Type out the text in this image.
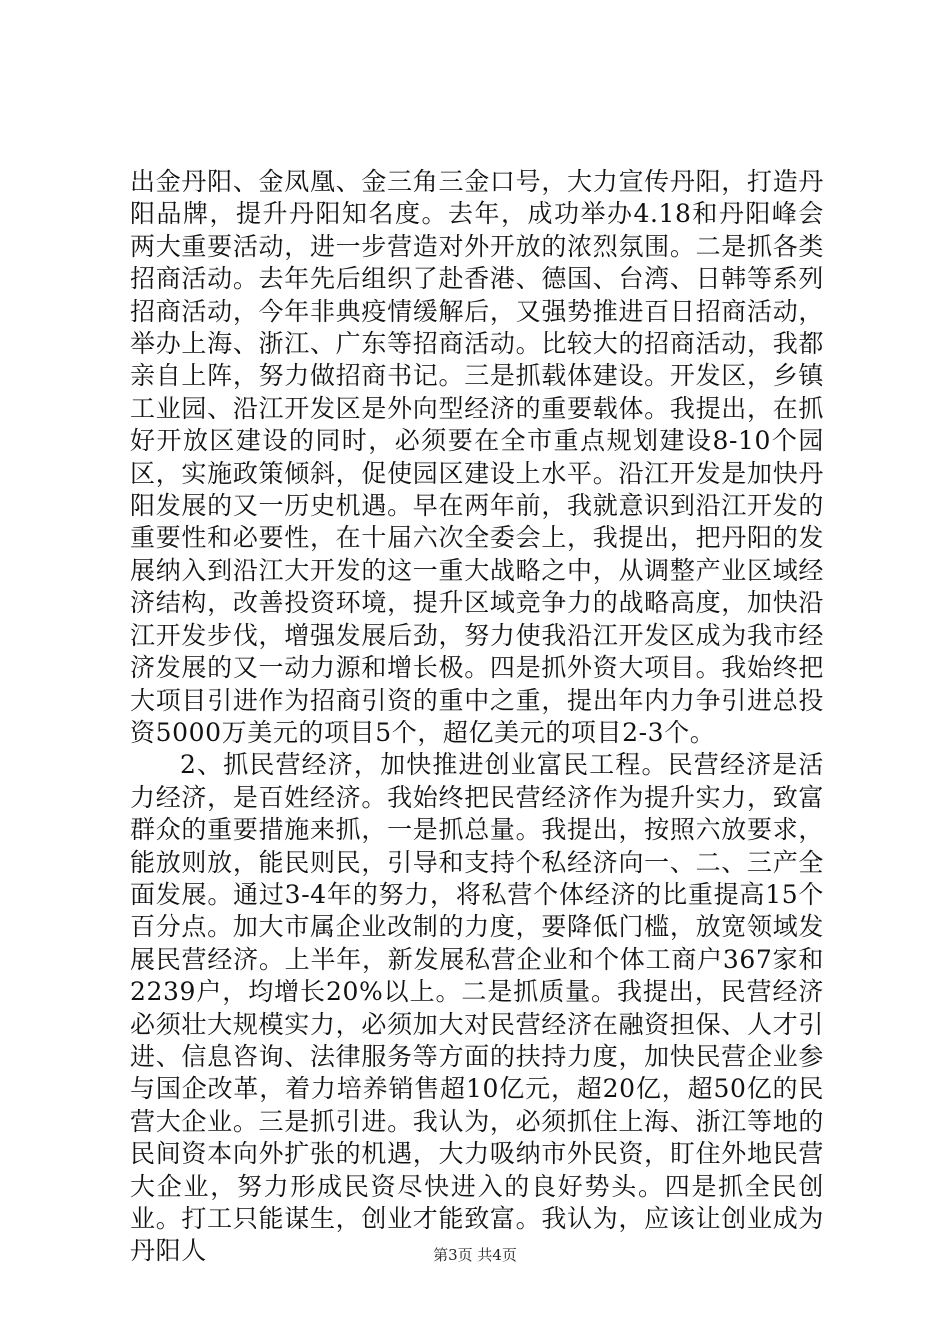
出金丹阳、金凤凰、金三角三金口号，大力宣传丹阳，打造丹阳品牌，提升丹阳知名度。去年，成功举办4.18和丹阳峰会两大重要活动，进一步营造对外开放的浓烈氛围。二是抓各类招商活动。去年先后组织了赴香港、德国、台湾、日韩等系列招商活动，今年非典疫情缓解后，又强势推进百日招商活动，举办上海、浙江、广东等招商活动。比较大的招商活动，我都亲自上阵，努力做招商书记。三是抓载体建设。开发区，乡镇工业园、沿江开发区是外向型经济的重要载体。我提出，在抓好开放区建设的同时，必须要在全市重点规划建设8-10个园区，实施政策倾斜，促使园区建设上水平。沿江开发是加快丹阳发展的又一历史机遇。早在两年前，我就意识到沿江开发的重要性和必要性，在十届六次全委会上，我提出，把丹阳的发展纳入到沿江大开发的这一重大战略之中，从调整产业区域经济结构，改善投资环境，提升区域竞争力的战略高度，加快沿江开发步伐，增强发展后劲，努力使我沿江开发区成为我市经济发展的又一动力源和增长极。四是抓外资大项目。我始终把大项目引进作为招商引资的重中之重，提出年内力争引进总投资5000万美元的项目5个，超亿美元的项目2-3个。

2、抓民营经济，加快推进创业富民工程。民营经济是活力经济，是百姓经济。我始终把民营经济作为提升实力，致富群众的重要措施来抓，一是抓总量。我提出，按照六放要求，能放则放，能民则民，引导和支持个私经济向一、二、三产全面发展。通过3-4年的努力，将私营个体经济的比重提高15个百分点。加大市属企业改制的力度，要降低门槛，放宽领域发展民营经济。上半年，新发展私营企业和个体工商户367家和2239户，均增长20%以上。二是抓质量。我提出，民营经济必须壮大规模实力，必须加大对民营经济在融资担保、人才引进、信息咨询、法律服务等方面的扶持力度，加快民营企业参与国企改革，着力培养销售超10亿元，超20亿，超50亿的民营大企业。三是抓引进。我认为，必须抓住上海、浙江等地的民间资本向外扩张的机遇，大力吸纳市外民资，盯住外地民营大企业，努力形成民资尽快进入的良好势头。四是抓全民创业。打工只能谋生，创业才能致富。我认为，应该让创业成为丹阳人	第3页 共4页
